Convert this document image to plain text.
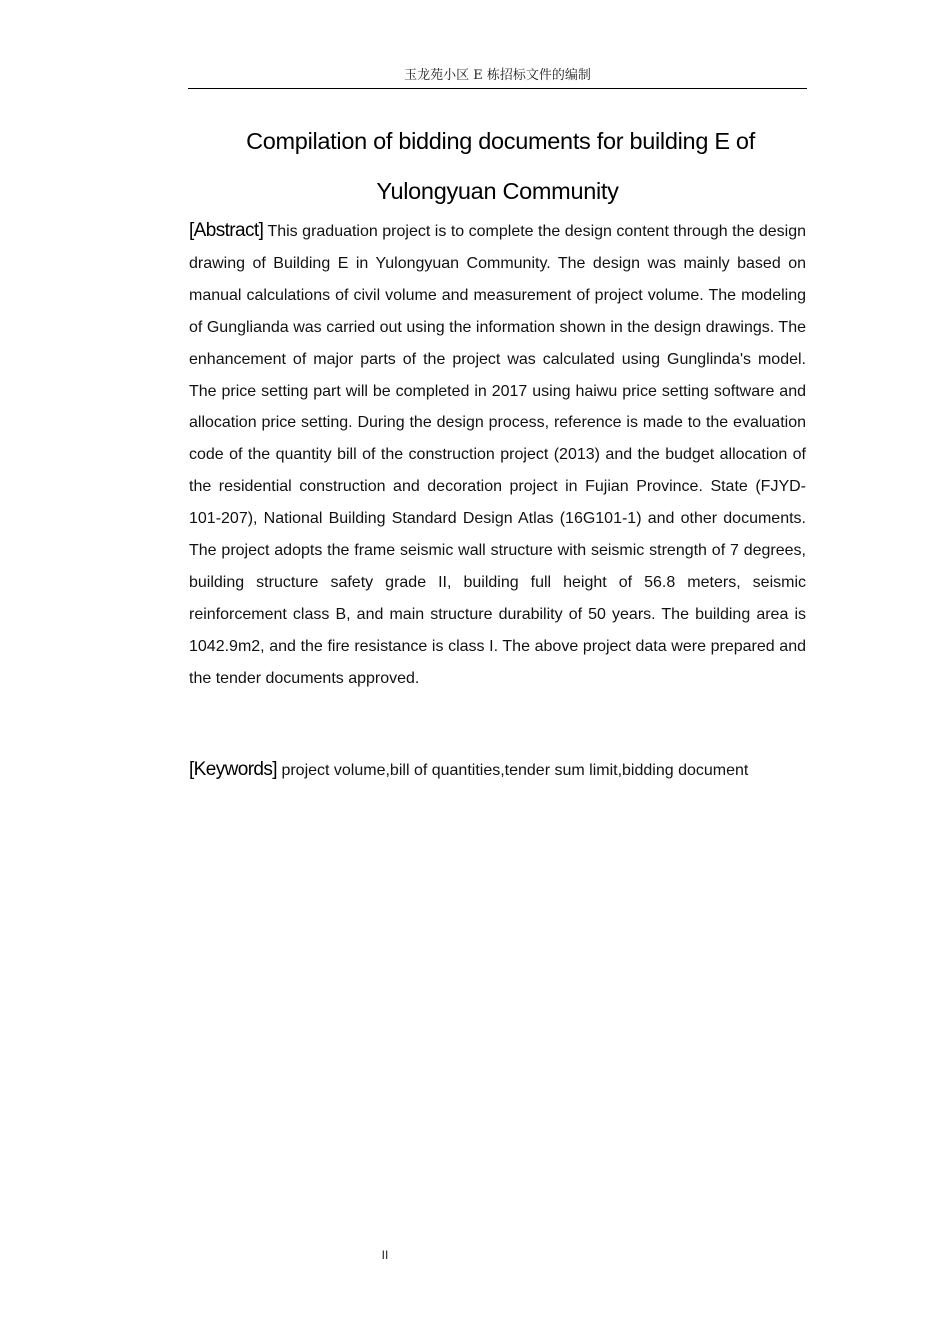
玉龙苑小区 E 栋招标文件的编制
Compilation of bidding documents for building E of
Yulongyuan Community

[Abstract] This graduation project is to complete the design content through the design drawing of Building E in Yulongyuan Community. The design was mainly based on manual calculations of civil volume and measurement of project volume. The modeling of Gunglianda was carried out using the information shown in the design drawings. The enhancement of major parts of the project was calculated using Gunglinda's model. The price setting part will be completed in 2017 using haiwu price setting software and allocation price setting. During the design process, reference is made to the evaluation code of the quantity bill of the construction project (2013) and the budget allocation of the residential construction and decoration project in Fujian Province. State (FJYD-101-207), National Building Standard Design Atlas (16G101-1) and other documents. The project adopts the frame seismic wall structure with seismic strength of 7 degrees, building structure safety grade II, building full height of 56.8 meters, seismic reinforcement class B, and main structure durability of 50 years. The building area is 1042.9m2, and the fire resistance is class I. The above project data were prepared and the tender documents approved.

[Keywords] project volume,bill of quantities,tender sum limit,bidding document

II
